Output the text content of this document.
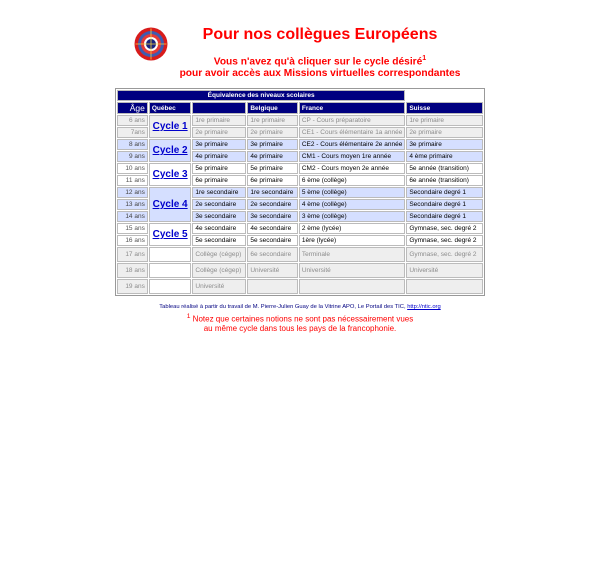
Pour nos collègues Européens
Vous n'avez qu'à cliquer sur le cycle désiré$^1$
pour avoir accès aux Missions virtuelles correspondantes
Équivalence des niveaux scolaires					
Âge	Québec		Belgique	France	Suisse
6 ans	Cycle 1	1re primaire	1re primaire	CP - Cours préparatoire	1re primaire
7ans		2e primaire	2e primaire	CE1 - Cours élémentaire 1a année	2e primaire
8 ans	Cycle 2	3e primaire	3e primaire	CE2 - Cours élémentaire 2e année	3e primaire
9 ans		4e primaire	4e primaire	CM1 - Cours moyen 1re année	4 ème primaire
10 ans	Cycle 3	5e primaire	5e primaire	CM2 - Cours moyen 2e année	5e année (transition)
11 ans		6e primaire	6e primaire	6 ème (collège)	6e année (transition)
12 ans	Cycle 4	1re secondaire	1re secondaire	5 ème (collège)	Secondaire degré 1
13 ans		2e secondaire	2e secondaire	4 ème (collège)	Secondaire degré 1
14 ans		3e secondaire	3e secondaire	3 ème (collège)	Secondaire degré 1
15 ans	Cycle 5	4e secondaire	4e secondaire	2 ème (lycée)	Gymnase, sec. degré 2
16 ans		5e secondaire	5e secondaire	1ère (lycée)	Gymnase, sec. degré 2
17 ans		Collège (cégep)	6e secondaire	Terminale	Gymnase, sec. degré 2
18 ans		Collège (cégep)	Université	Université	Université
19 ans		Université			
Tableau réalisé à partir du travail de M. Pierre-Julien Guay de la Vitrine APO, Le Portail des TIC, http://ntic.org
$^1$ Notez que certaines notions ne sont pas nécessairement vues
au même cycle dans tous les pays de la francophonie.
